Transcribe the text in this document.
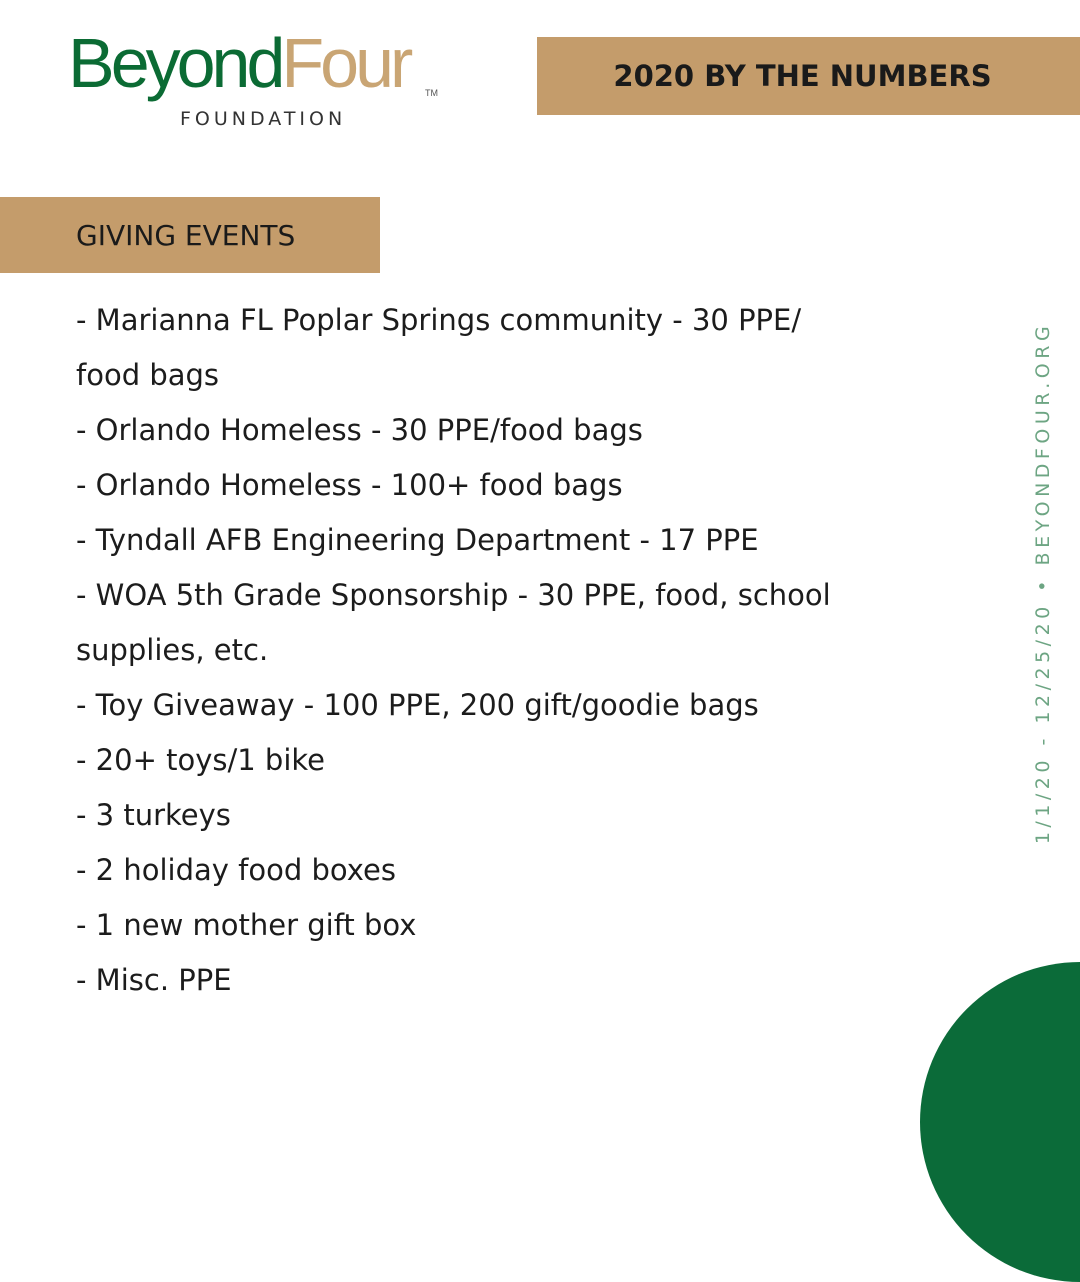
BeyondFour TM
FOUNDATION
2020 BY THE NUMBERS
GIVING EVENTS
- Marianna FL Poplar Springs community - 30 PPE/
food bags
- Orlando Homeless - 30 PPE/food bags
- Orlando Homeless - 100+ food bags
- Tyndall AFB Engineering Department - 17 PPE
- WOA 5th Grade Sponsorship - 30 PPE, food, school
supplies, etc.
- Toy Giveaway - 100 PPE, 200 gift/goodie bags
- 20+ toys/1 bike
- 3 turkeys
- 2 holiday food boxes
- 1 new mother gift box
- Misc. PPE
1/1/20 - 12/25/20 • BEYONDFOUR.ORG
